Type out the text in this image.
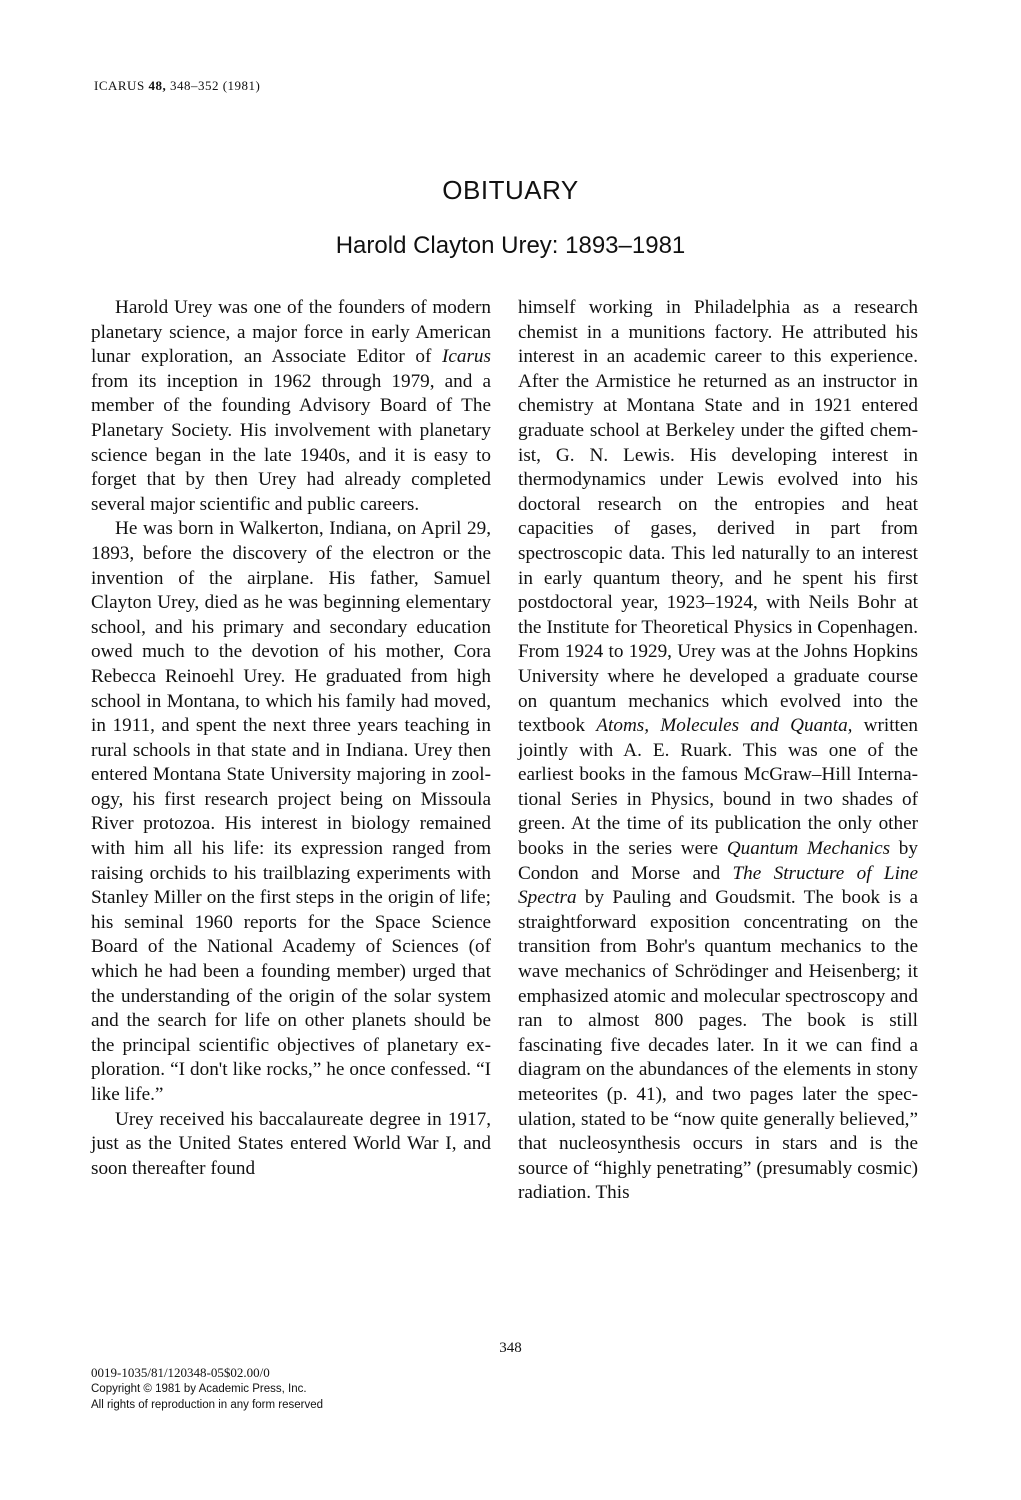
ICARUS 48, 348–352 (1981)
OBITUARY
Harold Clayton Urey: 1893–1981

Harold Urey was one of the founders of modern planetary science, a major force in early American lunar exploration, an Associate Editor of Icarus from its inception in 1962 through 1979, and a member of the founding Advisory Board of The Planetary Society. His involvement with planetary science began in the late 1940s, and it is easy to forget that by then Urey had already completed several major scientific and public careers.

He was born in Walkerton, Indiana, on April 29, 1893, before the discovery of the electron or the invention of the airplane. His father, Samuel Clayton Urey, died as he was beginning elementary school, and his primary and secondary education owed much to the devotion of his mother, Cora Rebecca Reinoehl Urey. He graduated from high school in Montana, to which his family had moved, in 1911, and spent the next three years teaching in rural schools in that state and in Indiana. Urey then entered Montana State University majoring in zoology, his first research project being on Missoula River protozoa. His interest in biology remained with him all his life: its expression ranged from raising orchids to his trailblazing experiments with Stanley Miller on the first steps in the origin of life; his seminal 1960 reports for the Space Science Board of the National Academy of Sciences (of which he had been a founding member) urged that the understanding of the origin of the solar system and the search for life on other planets should be the principal scientific objectives of planetary exploration. “I don't like rocks,” he once confessed. “I like life.”

Urey received his baccalaureate degree in 1917, just as the United States entered World War I, and soon thereafter found

himself working in Philadelphia as a research chemist in a munitions factory. He attributed his interest in an academic career to this experience. After the Armistice he returned as an instructor in chemistry at Montana State and in 1921 entered graduate school at Berkeley under the gifted chemist, G. N. Lewis. His developing interest in thermodynamics under Lewis evolved into his doctoral research on the entropies and heat capacities of gases, derived in part from spectroscopic data. This led naturally to an interest in early quantum theory, and he spent his first postdoctoral year, 1923–1924, with Neils Bohr at the Institute for Theoretical Physics in Copenhagen. From 1924 to 1929, Urey was at the Johns Hopkins University where he developed a graduate course on quantum mechanics which evolved into the textbook Atoms, Molecules and Quanta, written jointly with A. E. Ruark. This was one of the earliest books in the famous McGraw–Hill International Series in Physics, bound in two shades of green. At the time of its publication the only other books in the series were Quantum Mechanics by Condon and Morse and The Structure of Line Spectra by Pauling and Goudsmit. The book is a straightforward exposition concentrating on the transition from Bohr's quantum mechanics to the wave mechanics of Schrödinger and Heisenberg; it emphasized atomic and molecular spectroscopy and ran to almost 800 pages. The book is still fascinating five decades later. In it we can find a diagram on the abundances of the elements in stony meteorites (p. 41), and two pages later the speculation, stated to be “now quite generally believed,” that nucleosynthesis occurs in stars and is the source of “highly penetrating” (presumably cosmic) radiation. This

348
0019-1035/81/120348-05$02.00/0
Copyright © 1981 by Academic Press, Inc.
All rights of reproduction in any form reserved
